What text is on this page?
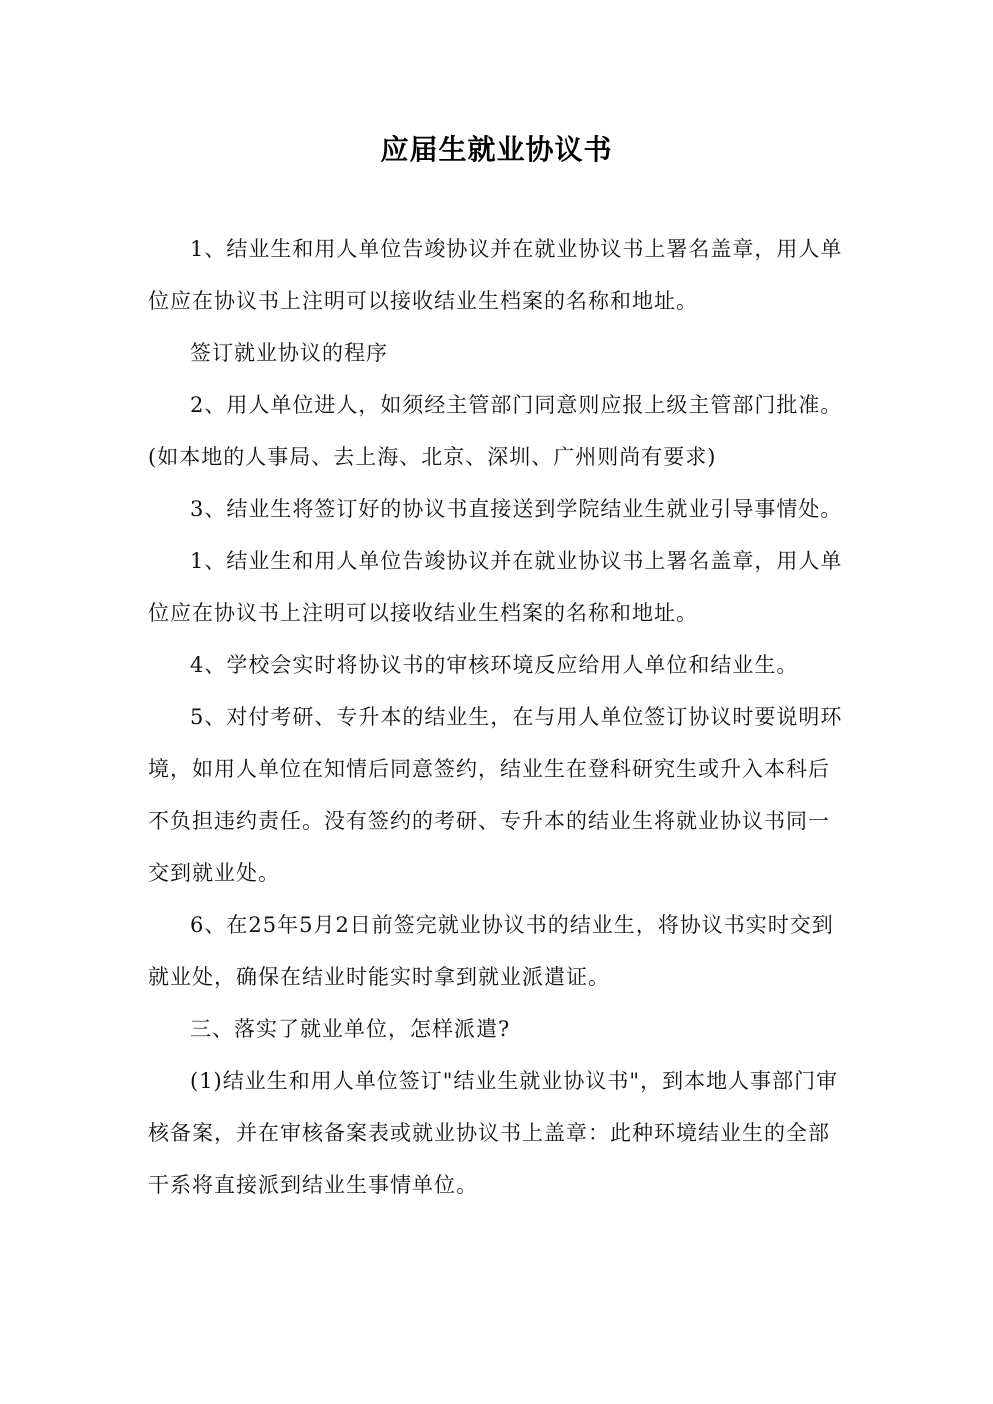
应届生就业协议书

1、结业生和用人单位告竣协议并在就业协议书上署名盖章，用人单位应在协议书上注明可以接收结业生档案的名称和地址。

签订就业协议的程序

2、用人单位进人，如须经主管部门同意则应报上级主管部门批准。(如本地的人事局、去上海、北京、深圳、广州则尚有要求)

3、结业生将签订好的协议书直接送到学院结业生就业引导事情处。

1、结业生和用人单位告竣协议并在就业协议书上署名盖章，用人单位应在协议书上注明可以接收结业生档案的名称和地址。

4、学校会实时将协议书的审核环境反应给用人单位和结业生。

5、对付考研、专升本的结业生，在与用人单位签订协议时要说明环境，如用人单位在知情后同意签约，结业生在登科研究生或升入本科后不负担违约责任。没有签约的考研、专升本的结业生将就业协议书同一交到就业处。

6、在25年5月2日前签完就业协议书的结业生，将协议书实时交到就业处，确保在结业时能实时拿到就业派遣证。

三、落实了就业单位，怎样派遣?

(1)结业生和用人单位签订"结业生就业协议书"，到本地人事部门审核备案，并在审核备案表或就业协议书上盖章：此种环境结业生的全部干系将直接派到结业生事情单位。
